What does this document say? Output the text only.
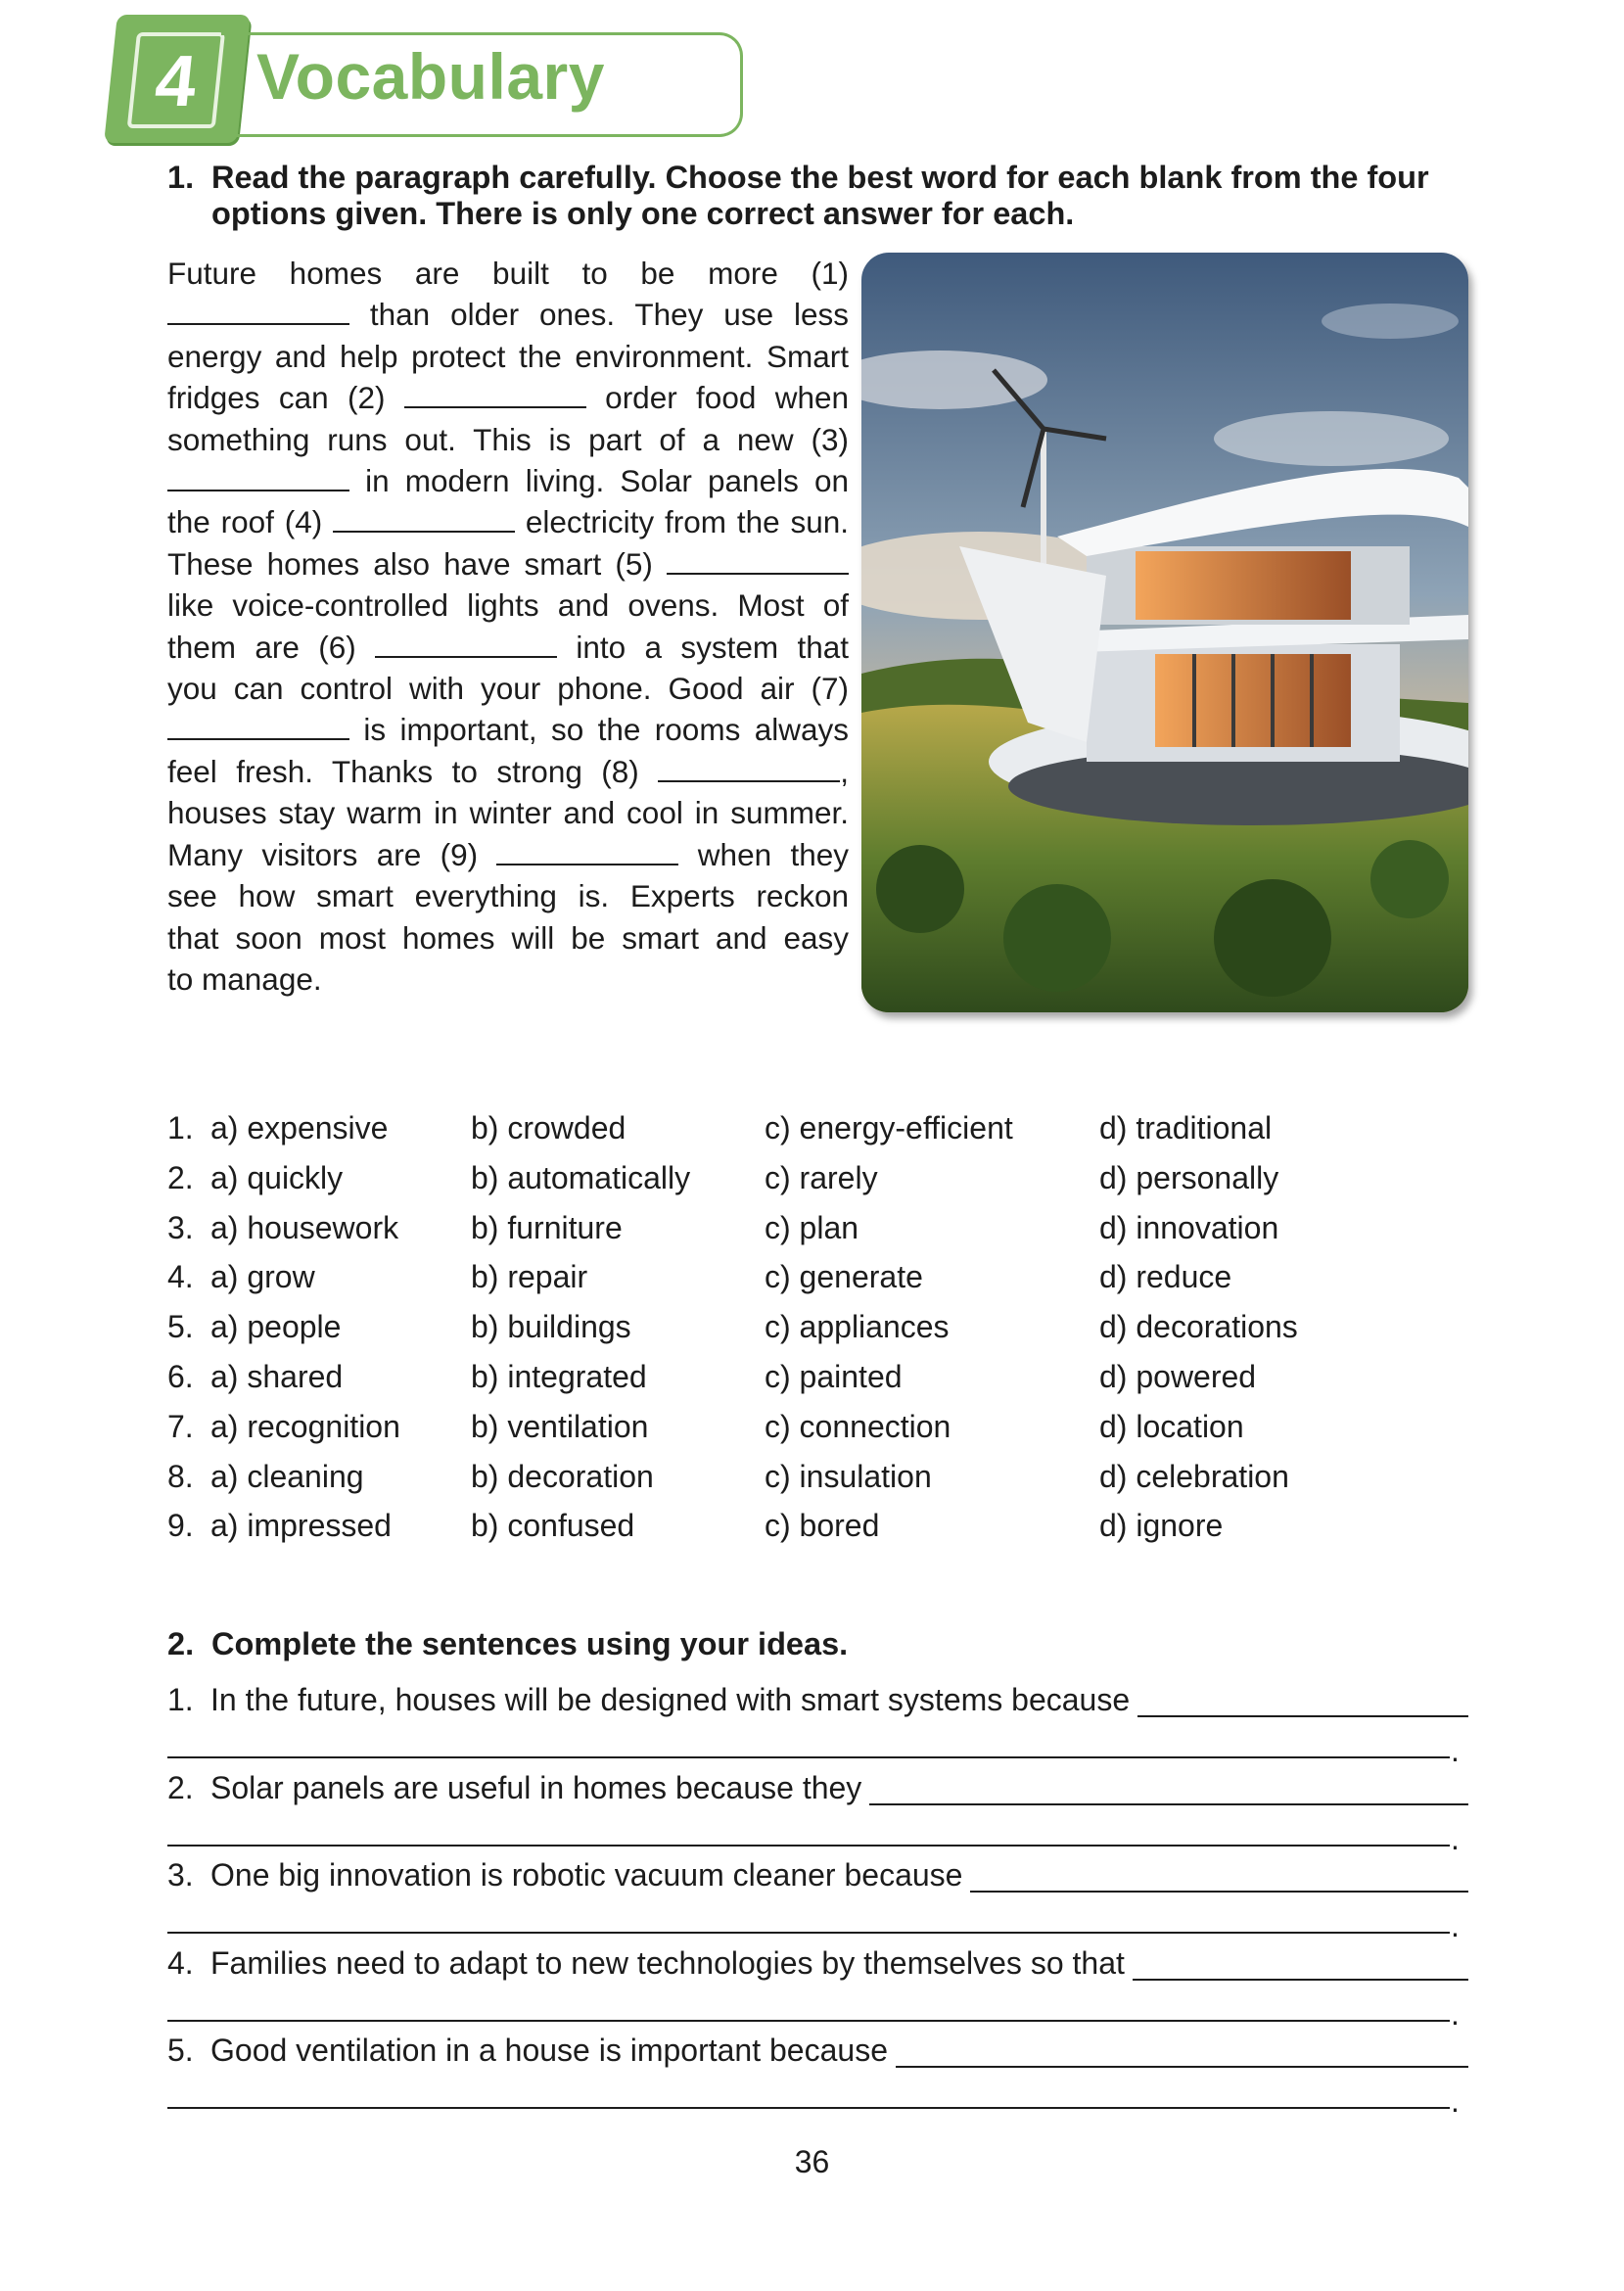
4 Vocabulary
1. Read the paragraph carefully. Choose the best word for each blank from the four
options given. There is only one correct answer for each.

Future homes are built to be more (1)

than older ones. They use less

energy and help protect the environment. Smart

fridges can (2)	order food when

something runs out. This is part of a new (3)

in modern living. Solar panels on

the roof (4)	electricity from the sun.

These homes also have smart (5)

like voice-controlled lights and ovens. Most of

them are (6)	into a system that

you can control with your phone. Good air (7)

is important, so the rooms always

feel fresh. Thanks to strong (8)	,

houses stay warm in winter and cool in summer.

Many visitors are (9)	when they

see how smart everything is. Experts reckon

that soon most homes will be smart and easy

to manage.

1. a) expensive	b) crowded	c) energy-efficient	d) traditional
2. a) quickly	b) automatically c) rarely	d) personally
3. a) housework b) furniture	c) plan	d) innovation
4. a) grow	b) repair	c) generate	d) reduce
5. a) people	b) buildings	c) appliances	d) decorations
6. a) shared	b) integrated	c) painted	d) powered
7. a) recognition b) ventilation	c) connection	d) location
8. a) cleaning	b) decoration	c) insulation	d) celebration
9. a) impressed	b) confused	c) bored	d) ignore
2. Complete the sentences using your ideas.
1. In the future, houses will be designed with smart systems because
.
2. Solar panels are useful in homes because they
.
3. One big innovation is robotic vacuum cleaner because
.
4. Families need to adapt to new technologies by themselves so that
.
5. Good ventilation in a house is important because
.
36
